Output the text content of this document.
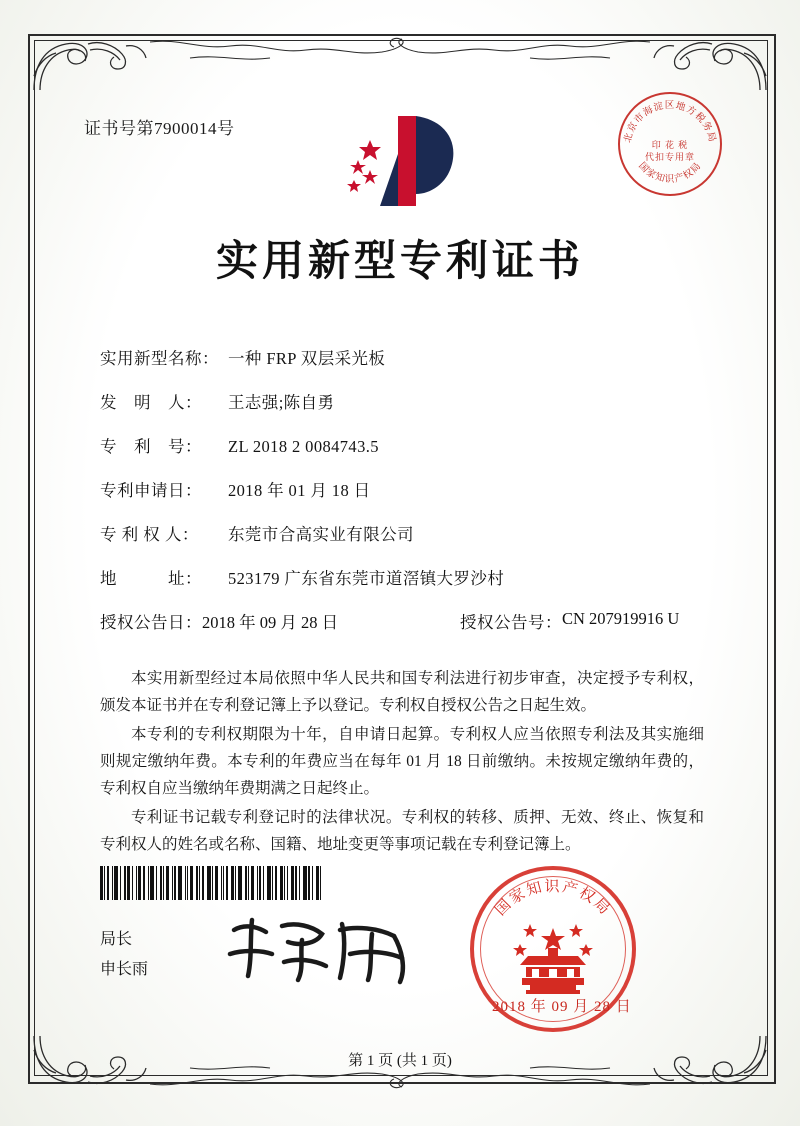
证书号第7900014号	北京市海淀区地方税务局
国家知识产权局
印 花 税
代扣专用章
实用新型专利证书
实用新型名称： 一种 FRP 双层采光板
发　明　人：	王志强;陈自勇
专　利　号：	ZL 2018 2 0084743.5
专利申请日：	2018 年 01 月 18 日
专 利 权 人：	东莞市合高实业有限公司
地　　　址：	523179 广东省东莞市道滘镇大罗沙村
授权公告日： 2018 年 09 月 28 日	授权公告号： CN 207919916 U

本实用新型经过本局依照中华人民共和国专利法进行初步审查，决定授予专利权，颁发本证书并在专利登记簿上予以登记。专利权自授权公告之日起生效。

本专利的专利权期限为十年，自申请日起算。专利权人应当依照专利法及其实施细则规定缴纳年费。本专利的年费应当在每年 01 月 18 日前缴纳。未按规定缴纳年费的，专利权自应当缴纳年费期满之日起终止。

专利证书记载专利登记时的法律状况。专利权的转移、质押、无效、终止、恢复和专利权人的姓名或名称、国籍、地址变更等事项记载在专利登记簿上。

局长
申长雨
国家知识产权局
2018 年 09 月 28 日
第 1 页 (共 1 页)
